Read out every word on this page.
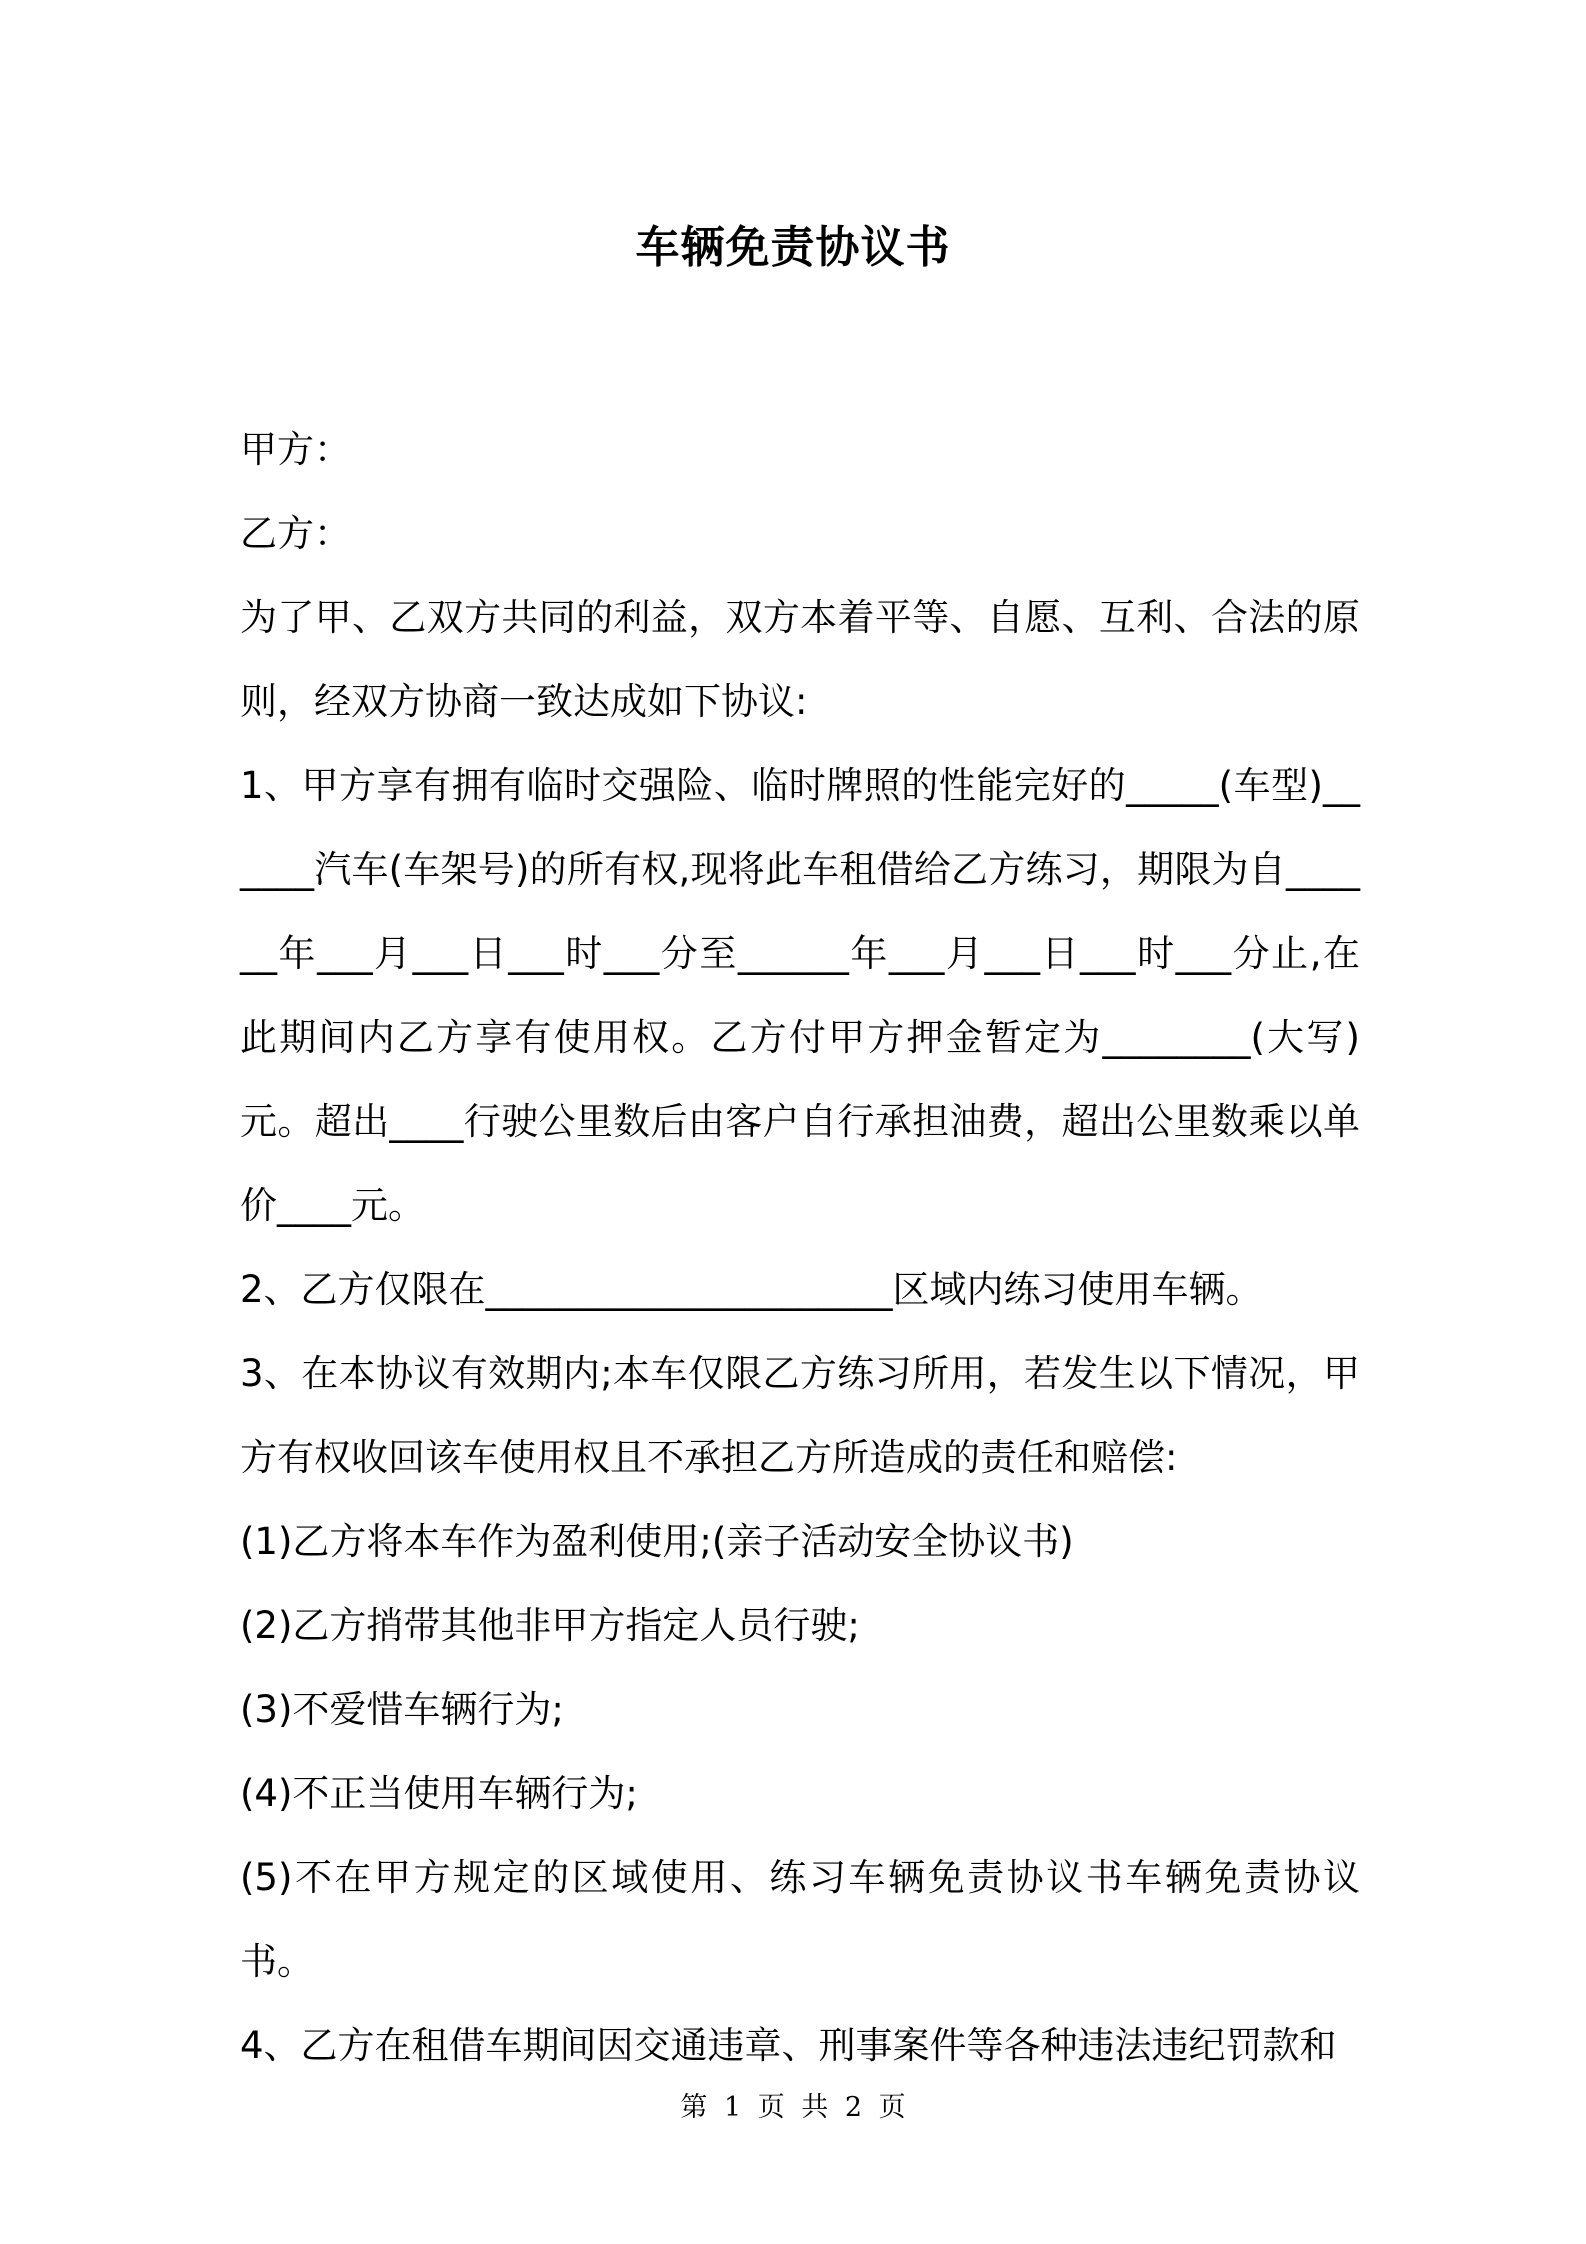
车辆免责协议书

甲方：

乙方：

为了甲、乙双方共同的利益，双方本着平等、自愿、互利、合法的原则，经双方协商一致达成如下协议:

1、甲方享有拥有临时交强险、临时牌照的性能完好的_____(车型)______汽车(车架号)的所有权,现将此车租借给乙方练习，期限为自______年___月___日___时___分至______年___月___日___时___分止,在此期间内乙方享有使用权。乙方付甲方押金暂定为________(大写)元。超出____行驶公里数后由客户自行承担油费，超出公里数乘以单价____元。

2、乙方仅限在______________________区域内练习使用车辆。

3、在本协议有效期内;本车仅限乙方练习所用，若发生以下情况，甲方有权收回该车使用权且不承担乙方所造成的责任和赔偿:

(1)乙方将本车作为盈利使用;(亲子活动安全协议书)

(2)乙方捎带其他非甲方指定人员行驶;

(3)不爱惜车辆行为;

(4)不正当使用车辆行为;

(5)不在甲方规定的区域使用、练习车辆免责协议书车辆免责协议书。

4、乙方在租借车期间因交通违章、刑事案件等各种违法违纪罚款和

第 1 页 共 2 页
